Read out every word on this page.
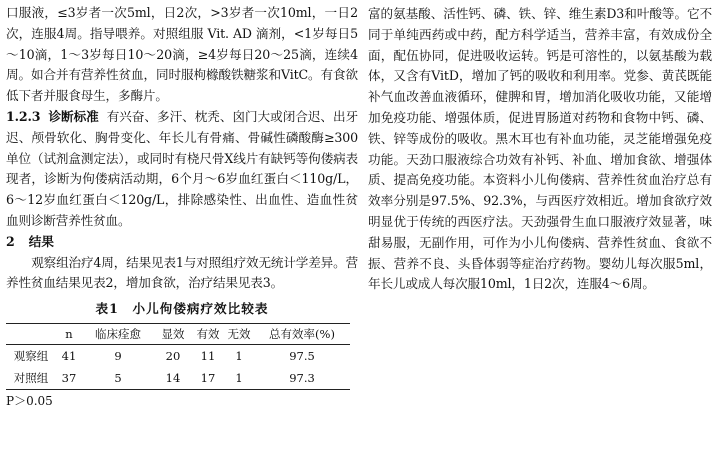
口服液，≤3岁者一次5ml，日2次，>3岁者一次10ml，一日2次，连服4周。指导喂养。对照组服 Vit. AD 滴剂，<1岁每日5～10滴，1～3岁每日10～20滴，≥4岁每日20～25滴，连续4周。如合并有营养性贫血，同时服枸橼酸铁糖浆和VitC。有食欲低下者并服食母生，多酶片。

1.2.3 诊断标准 有兴奋、多汗、枕秃、囟门大或闭合迟、出牙迟、颅骨软化、胸骨变化、年长儿有骨痛、骨碱性磷酸酶≥300单位（试剂盒测定法），或同时有桡尺骨X线片有缺钙等佝偻病表现者，诊断为佝偻病活动期，6个月～6岁血红蛋白＜110g/L，6～12岁血红蛋白＜120g/L，排除感染性、出血性、造血性贫血则诊断营养性贫血。

2 结果

观察组治疗4周，结果见表1与对照组疗效无统计学差异。营养性贫血结果见表2，增加食欲，治疗结果见表3。

表1　小儿佝偻病疗效比较表
	n	临床痊愈	显效	有效	无效	总有效率(%)
观察组	41	9	20	11	1	97.5
对照组	37	5	14	17	1	97.3

P＞0.05

富的氨基酸、活性钙、磷、铁、锌、维生素D3和叶酸等。它不同于单纯西药或中药，配方科学适当，营养丰富，有效成份全面，配伍协同，促进吸收运转。钙是可溶性的，以氨基酸为载体，又含有VitD，增加了钙的吸收和利用率。党参、黄芪既能补气血改善血液循环，健脾和胃，增加消化吸收功能，又能增加免疫功能、增强体质，促进胃肠道对药物和食物中钙、磷、铁、锌等成份的吸收。黑木耳也有补血功能，灵芝能增强免疫功能。天劲口服液综合功效有补钙、补血、增加食欲、增强体质、提高免疫功能。本资料小儿佝偻病、营养性贫血治疗总有效率分别是97.5%、92.3%，与西医疗效相近。增加食欲疗效明显优于传统的西医疗法。天劲强骨生血口服液疗效显著，味甜易服，无副作用，可作为小儿佝偻病、营养性贫血、食欲不振、营养不良、头昏体弱等症治疗药物。婴幼儿每次服5ml，年长儿或成人每次服10ml，1日2次，连服4～6周。
